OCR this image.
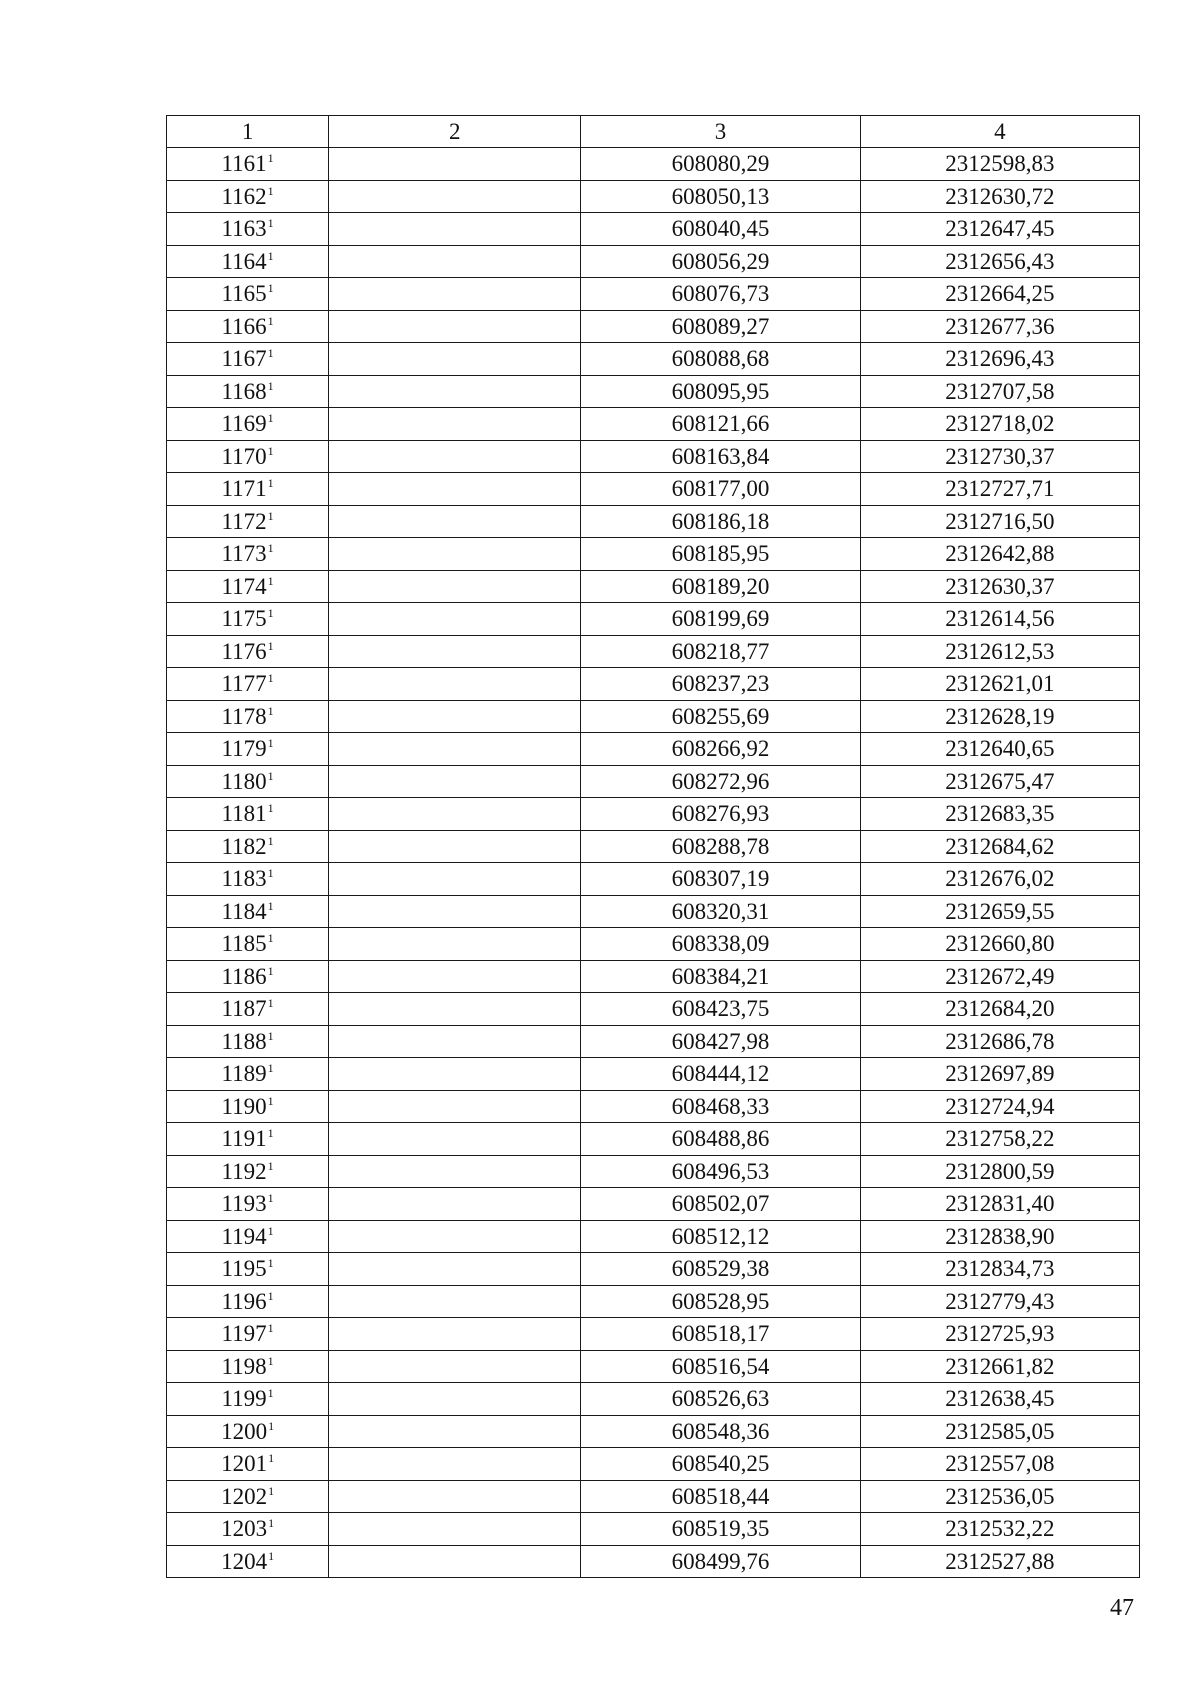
1	2	3	4
1161$^1$		608080,29	2312598,83
1162$^1$		608050,13	2312630,72
1163$^1$		608040,45	2312647,45
1164$^1$		608056,29	2312656,43
1165$^1$		608076,73	2312664,25
1166$^1$		608089,27	2312677,36
1167$^1$		608088,68	2312696,43
1168$^1$		608095,95	2312707,58
1169$^1$		608121,66	2312718,02
1170$^1$		608163,84	2312730,37
1171$^1$		608177,00	2312727,71
1172$^1$		608186,18	2312716,50
1173$^1$		608185,95	2312642,88
1174$^1$		608189,20	2312630,37
1175$^1$		608199,69	2312614,56
1176$^1$		608218,77	2312612,53
1177$^1$		608237,23	2312621,01
1178$^1$		608255,69	2312628,19
1179$^1$		608266,92	2312640,65
1180$^1$		608272,96	2312675,47
1181$^1$		608276,93	2312683,35
1182$^1$		608288,78	2312684,62
1183$^1$		608307,19	2312676,02
1184$^1$		608320,31	2312659,55
1185$^1$		608338,09	2312660,80
1186$^1$		608384,21	2312672,49
1187$^1$		608423,75	2312684,20
1188$^1$		608427,98	2312686,78
1189$^1$		608444,12	2312697,89
1190$^1$		608468,33	2312724,94
1191$^1$		608488,86	2312758,22
1192$^1$		608496,53	2312800,59
1193$^1$		608502,07	2312831,40
1194$^1$		608512,12	2312838,90
1195$^1$		608529,38	2312834,73
1196$^1$		608528,95	2312779,43
1197$^1$		608518,17	2312725,93
1198$^1$		608516,54	2312661,82
1199$^1$		608526,63	2312638,45
1200$^1$		608548,36	2312585,05
1201$^1$		608540,25	2312557,08
1202$^1$		608518,44	2312536,05
1203$^1$		608519,35	2312532,22
1204$^1$		608499,76	2312527,88
47
